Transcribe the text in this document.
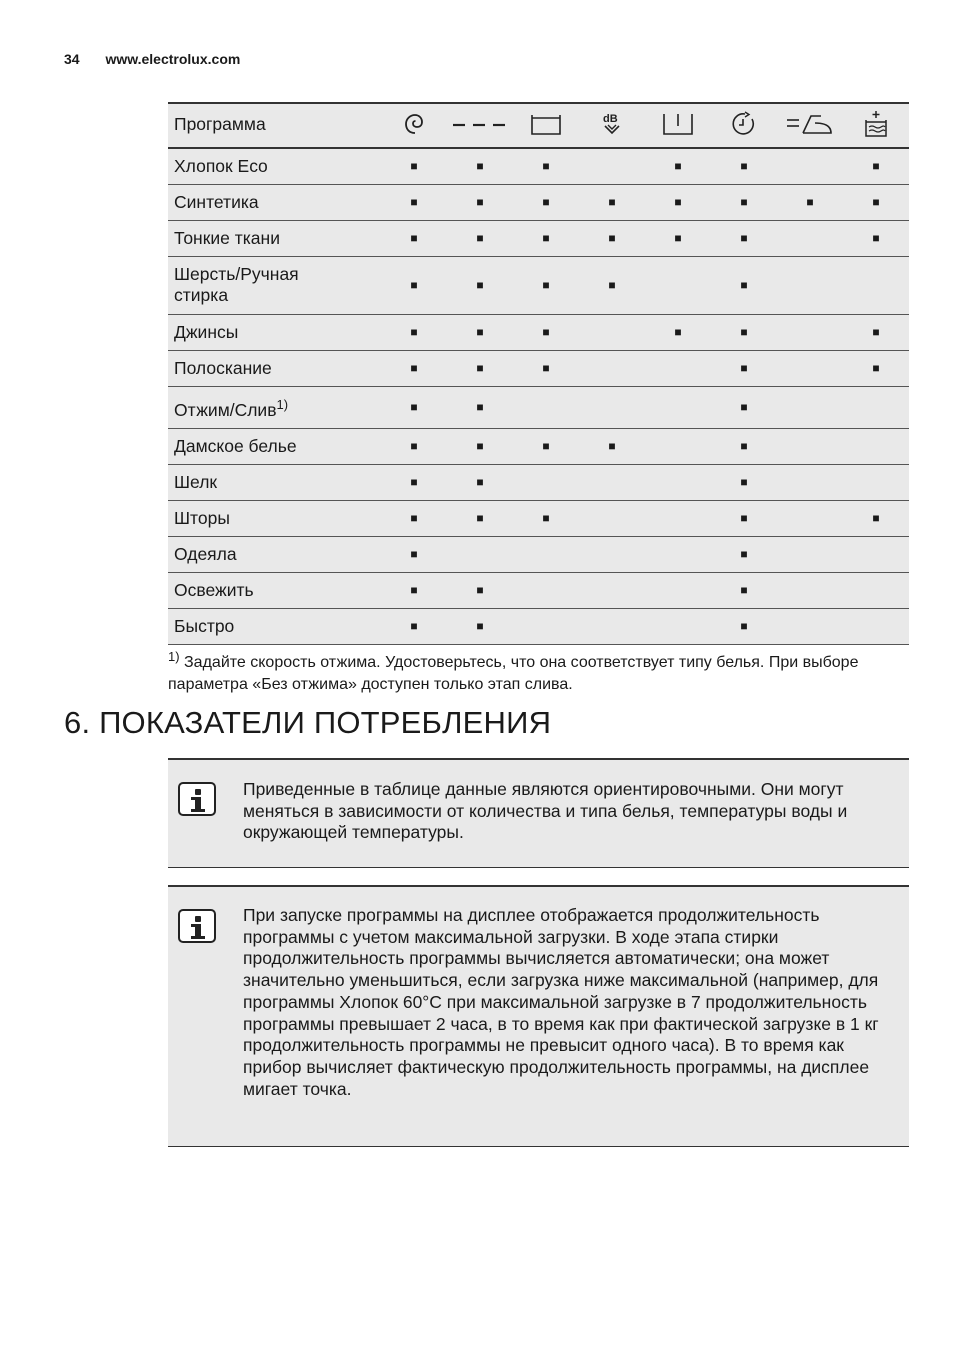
34 www.electrolux.com
Программа				dB

Хлопок Eco	■	■	■		■	■		■
Синтетика	■	■	■	■	■	■	■	■
Тонкие ткани	■	■	■	■	■	■		■
Шерсть/Ручная стирка	■	■	■	■		■		
Джинсы	■	■	■		■	■		■
Полоскание	■	■	■			■		■
Отжим/Слив$^{1)}$	■	■				■		
Дамское белье	■	■	■	■		■		
Шелк	■	■				■		
Шторы	■	■	■			■		■
Одеяла	■					■		
Освежить	■	■				■		
Быстро	■	■				■		
$^{1)}$ Задайте скорость отжима. Удостоверьтесь, что она соответствует типу белья. При выборе параметра «Без отжима» доступен только этап слива.
6. ПОКАЗАТЕЛИ ПОТРЕБЛЕНИЯ
Приведенные в таблице данные являются ориентировочными. Они могут меняться в зависимости от количества и типа белья, температуры воды и окружающей температуры.
При запуске программы на дисплее отображается продолжительность программы с учетом максимальной загрузки. В ходе этапа стирки продолжительность программы вычисляется автоматически; она может значительно уменьшиться, если загрузка ниже максимальной (например, для программы Хлопок 60°C при максимальной загрузке в 7 продолжительность программы превышает 2 часа, в то время как при фактической загрузке в 1 кг продолжительность программы не превысит одного часа). В то время как прибор вычисляет фактическую продолжительность программы, на дисплее мигает точка.
